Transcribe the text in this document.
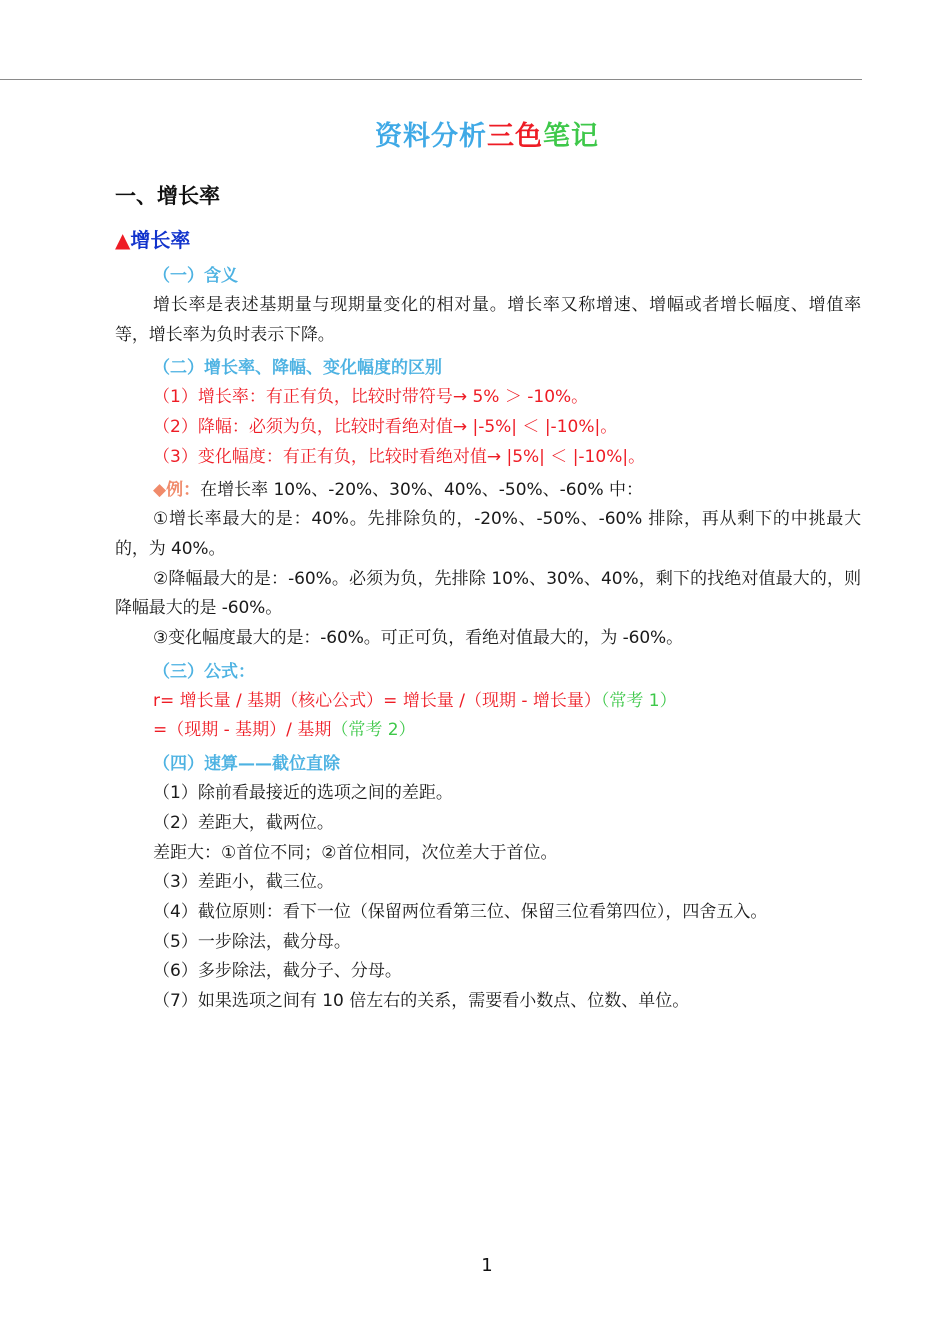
资料分析三色笔记
一、增长率
▲增长率
（一）含义
增长率是表述基期量与现期量变化的相对量。增长率又称增速、增幅或者增长幅度、增值率等，增长率为负时表示下降。
（二）增长率、降幅、变化幅度的区别
（1）增长率：有正有负，比较时带符号→ 5% ＞ -10%。
（2）降幅：必须为负，比较时看绝对值→ |-5%| ＜ |-10%|。
（3）变化幅度：有正有负，比较时看绝对值→ |5%| ＜ |-10%|。
◆例：在增长率 10%、-20%、30%、40%、-50%、-60% 中：
①增长率最大的是：40%。先排除负的，-20%、-50%、-60% 排除，再从剩下的中挑最大的，为 40%。
②降幅最大的是：-60%。必须为负，先排除 10%、30%、40%，剩下的找绝对值最大的，则降幅最大的是 -60%。
③变化幅度最大的是：-60%。可正可负，看绝对值最大的，为 -60%。
（三）公式：
r= 增长量 / 基期（核心公式）= 增长量 /（现期 - 增长量）（常考 1）
=（现期 - 基期）/ 基期（常考 2）
（四）速算——截位直除
（1）除前看最接近的选项之间的差距。
（2）差距大，截两位。
差距大：①首位不同；②首位相同，次位差大于首位。
（3）差距小，截三位。
（4）截位原则：看下一位（保留两位看第三位、保留三位看第四位），四舍五入。
（5）一步除法，截分母。
（6）多步除法，截分子、分母。
（7）如果选项之间有 10 倍左右的关系，需要看小数点、位数、单位。
1
